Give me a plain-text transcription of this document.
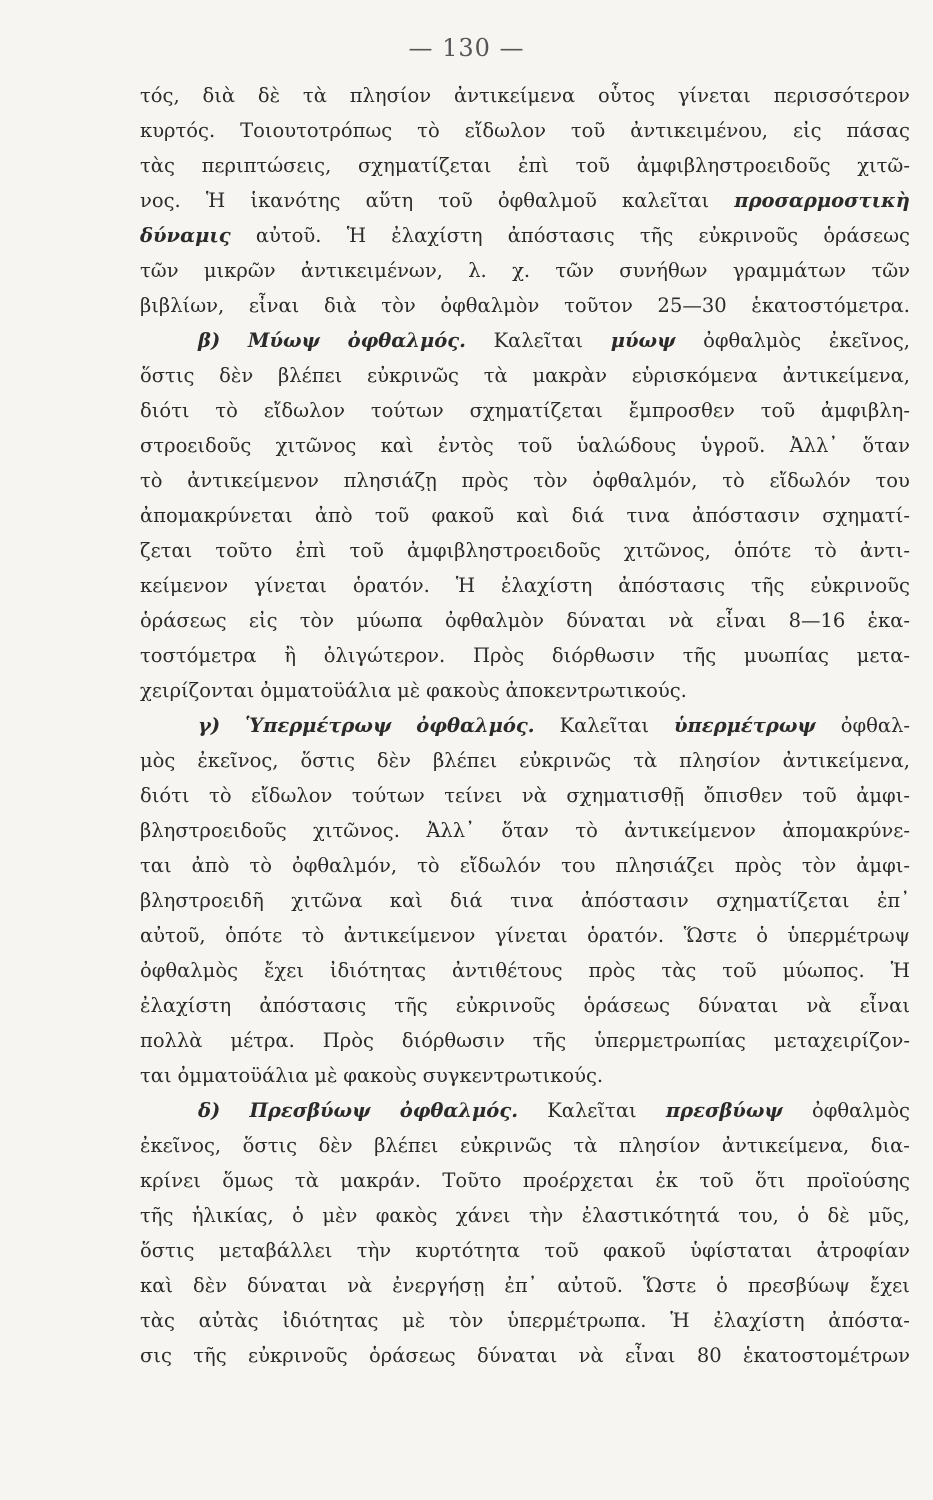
— 130 —
τός, διὰ δὲ τὰ πλησίον ἀντικείμενα οὗτος γίνεται περισσότερον
κυρτός. Τοιουτοτρόπως τὸ εἴδωλον τοῦ ἀντικειμένου, εἰς πάσας
τὰς περιπτώσεις, σχηματίζεται ἐπὶ τοῦ ἀμφιβληστροειδοῦς χιτῶ-
νος. Ἡ ἱκανότης αὕτη τοῦ ὀφθαλμοῦ καλεῖται προσαρμοστικὴ
δύναμις αὐτοῦ. Ἡ ἐλαχίστη ἀπόστασις τῆς εὐκρινοῦς ὁράσεως
τῶν μικρῶν ἀντικειμένων, λ. χ. τῶν συνήθων γραμμάτων τῶν
βιβλίων, εἶναι διὰ τὸν ὀφθαλμὸν τοῦτον 25—30 ἑκατοστόμετρα.
β) Μύωψ ὀφθαλμός. Καλεῖται μύωψ ὀφθαλμὸς ἐκεῖνος,
ὅστις δὲν βλέπει εὐκρινῶς τὰ μακρὰν εὑρισκόμενα ἀντικείμενα,
διότι τὸ εἴδωλον τούτων σχηματίζεται ἔμπροσθεν τοῦ ἀμφιβλη-
στροειδοῦς χιτῶνος καὶ ἐντὸς τοῦ ὑαλώδους ὑγροῦ. Ἀλλ᾽ ὅταν
τὸ ἀντικείμενον πλησιάζῃ πρὸς τὸν ὀφθαλμόν, τὸ εἴδωλόν του
ἀπομακρύνεται ἀπὸ τοῦ φακοῦ καὶ διά τινα ἀπόστασιν σχηματί-
ζεται τοῦτο ἐπὶ τοῦ ἀμφιβληστροειδοῦς χιτῶνος, ὁπότε τὸ ἀντι-
κείμενον γίνεται ὁρατόν. Ἡ ἐλαχίστη ἀπόστασις τῆς εὐκρινοῦς
ὁράσεως εἰς τὸν μύωπα ὀφθαλμὸν δύναται νὰ εἶναι 8—16 ἑκα-
τοστόμετρα ἢ ὀλιγώτερον. Πρὸς διόρθωσιν τῆς μυωπίας μετα-
χειρίζονται ὀμματοϋάλια μὲ φακοὺς ἀποκεντρωτικούς.
γ) Ὑπερμέτρωψ ὀφθαλμός. Καλεῖται ὑπερμέτρωψ ὀφθαλ-
μὸς ἐκεῖνος, ὅστις δὲν βλέπει εὐκρινῶς τὰ πλησίον ἀντικείμενα,
διότι τὸ εἴδωλον τούτων τείνει νὰ σχηματισθῇ ὄπισθεν τοῦ ἀμφι-
βληστροειδοῦς χιτῶνος. Ἀλλ᾽ ὅταν τὸ ἀντικείμενον ἀπομακρύνε-
ται ἀπὸ τὸ ὀφθαλμόν, τὸ εἴδωλόν του πλησιάζει πρὸς τὸν ἀμφι-
βληστροειδῆ χιτῶνα καὶ διά τινα ἀπόστασιν σχηματίζεται ἐπ᾽
αὐτοῦ, ὁπότε τὸ ἀντικείμενον γίνεται ὁρατόν. Ὥστε ὁ ὑπερμέτρωψ
ὀφθαλμὸς ἔχει ἰδιότητας ἀντιθέτους πρὸς τὰς τοῦ μύωπος. Ἡ
ἐλαχίστη ἀπόστασις τῆς εὐκρινοῦς ὁράσεως δύναται νὰ εἶναι
πολλὰ μέτρα. Πρὸς διόρθωσιν τῆς ὑπερμετρωπίας μεταχειρίζον-
ται ὀμματοϋάλια μὲ φακοὺς συγκεντρωτικούς.
δ) Πρεσβύωψ ὀφθαλμός. Καλεῖται πρεσβύωψ ὀφθαλμὸς
ἐκεῖνος, ὅστις δὲν βλέπει εὐκρινῶς τὰ πλησίον ἀντικείμενα, δια-
κρίνει ὅμως τὰ μακράν. Τοῦτο προέρχεται ἐκ τοῦ ὅτι προϊούσης
τῆς ἡλικίας, ὁ μὲν φακὸς χάνει τὴν ἐλαστικότητά του, ὁ δὲ μῦς,
ὅστις μεταβάλλει τὴν κυρτότητα τοῦ φακοῦ ὑφίσταται ἀτροφίαν
καὶ δὲν δύναται νὰ ἐνεργήσῃ ἐπ᾽ αὐτοῦ. Ὥστε ὁ πρεσβύωψ ἔχει
τὰς αὐτὰς ἰδιότητας μὲ τὸν ὑπερμέτρωπα. Ἡ ἐλαχίστη ἀπόστα-
σις τῆς εὐκρινοῦς ὁράσεως δύναται νὰ εἶναι 80 ἑκατοστομέτρων
